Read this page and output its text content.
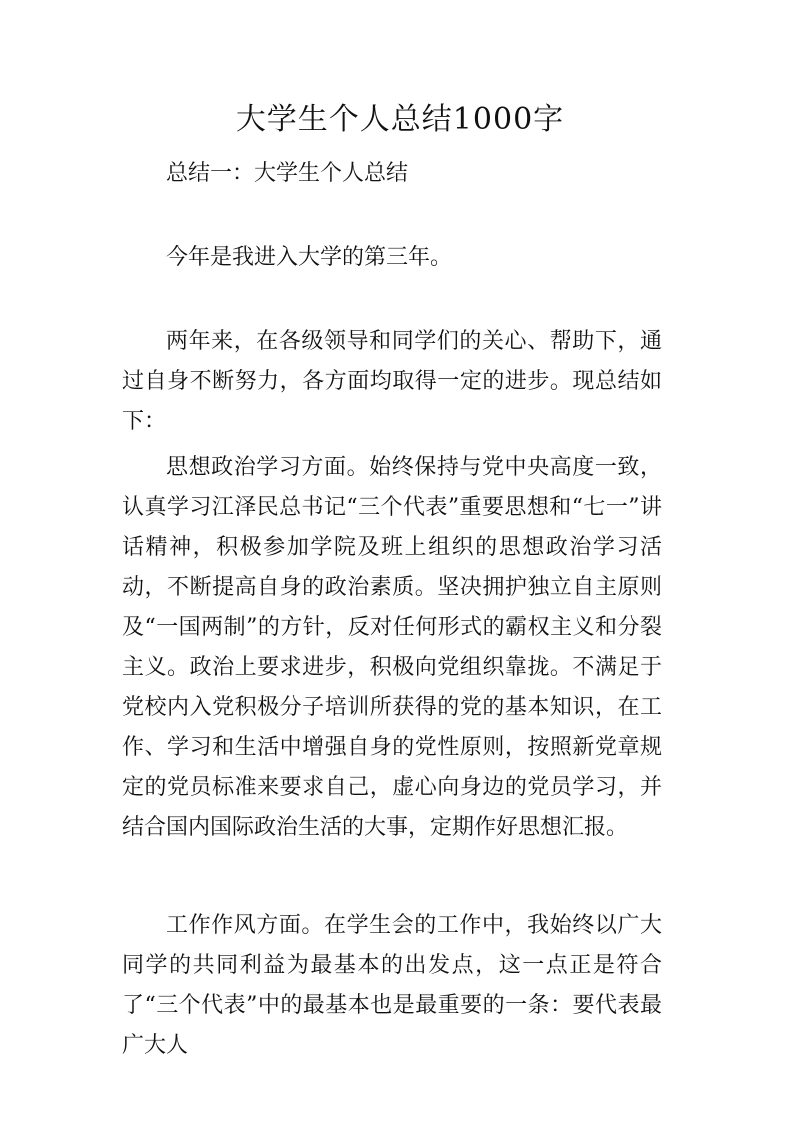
大学生个人总结1000字

总结一：大学生个人总结

今年是我进入大学的第三年。

两年来，在各级领导和同学们的关心、帮助下，通过自身不断努力，各方面均取得一定的进步。现总结如下：

思想政治学习方面。始终保持与党中央高度一致，认真学习江泽民总书记“三个代表”重要思想和“七一”讲话精神，积极参加学院及班上组织的思想政治学习活动，不断提高自身的政治素质。坚决拥护独立自主原则及“一国两制”的方针，反对任何形式的霸权主义和分裂主义。政治上要求进步，积极向党组织靠拢。不满足于党校内入党积极分子培训所获得的党的基本知识，在工作、学习和生活中增强自身的党性原则，按照新党章规定的党员标准来要求自己，虚心向身边的党员学习，并结合国内国际政治生活的大事，定期作好思想汇报。

工作作风方面。在学生会的工作中，我始终以广大同学的共同利益为最基本的出发点，这一点正是符合了“三个代表”中的最基本也是最重要的一条：要代表最广大人
